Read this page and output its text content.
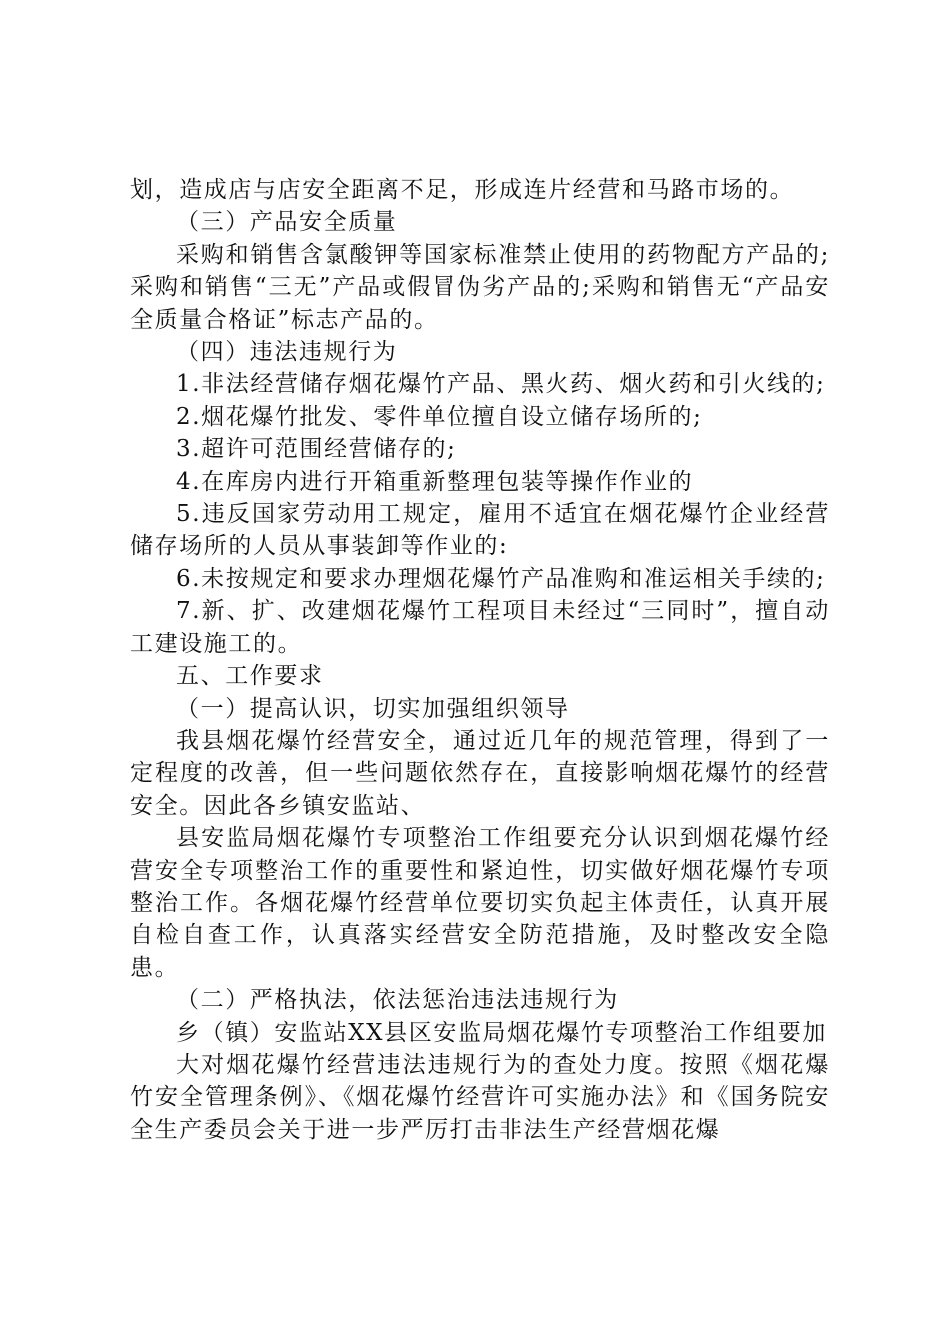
划，造成店与店安全距离不足，形成连片经营和马路市场的。

（三）产品安全质量

采购和销售含氯酸钾等国家标准禁止使用的药物配方产品的;采购和销售“三无”产品或假冒伪劣产品的;采购和销售无“产品安全质量合格证”标志产品的。

（四）违法违规行为

1.非法经营储存烟花爆竹产品、黑火药、烟火药和引火线的;

2.烟花爆竹批发、零件单位擅自设立储存场所的;

3.超许可范围经营储存的;

4.在库房内进行开箱重新整理包装等操作作业的

5.违反国家劳动用工规定，雇用不适宜在烟花爆竹企业经营储存场所的人员从事装卸等作业的:

6.未按规定和要求办理烟花爆竹产品准购和准运相关手续的;

7.新、扩、改建烟花爆竹工程项目未经过“三同时”，擅自动工建设施工的。

五、工作要求

（一）提高认识，切实加强组织领导

我县烟花爆竹经营安全，通过近几年的规范管理，得到了一定程度的改善，但一些问题依然存在，直接影响烟花爆竹的经营安全。因此各乡镇安监站、

县安监局烟花爆竹专项整治工作组要充分认识到烟花爆竹经营安全专项整治工作的重要性和紧迫性，切实做好烟花爆竹专项整治工作。各烟花爆竹经营单位要切实负起主体责任，认真开展自检自查工作，认真落实经营安全防范措施，及时整改安全隐患。

（二）严格执法，依法惩治违法违规行为

乡（镇）安监站XX县区安监局烟花爆竹专项整治工作组要加

大对烟花爆竹经营违法违规行为的查处力度。按照《烟花爆竹安全管理条例》、《烟花爆竹经营许可实施办法》和《国务院安全生产委员会关于进一步严厉打击非法生产经营烟花爆
